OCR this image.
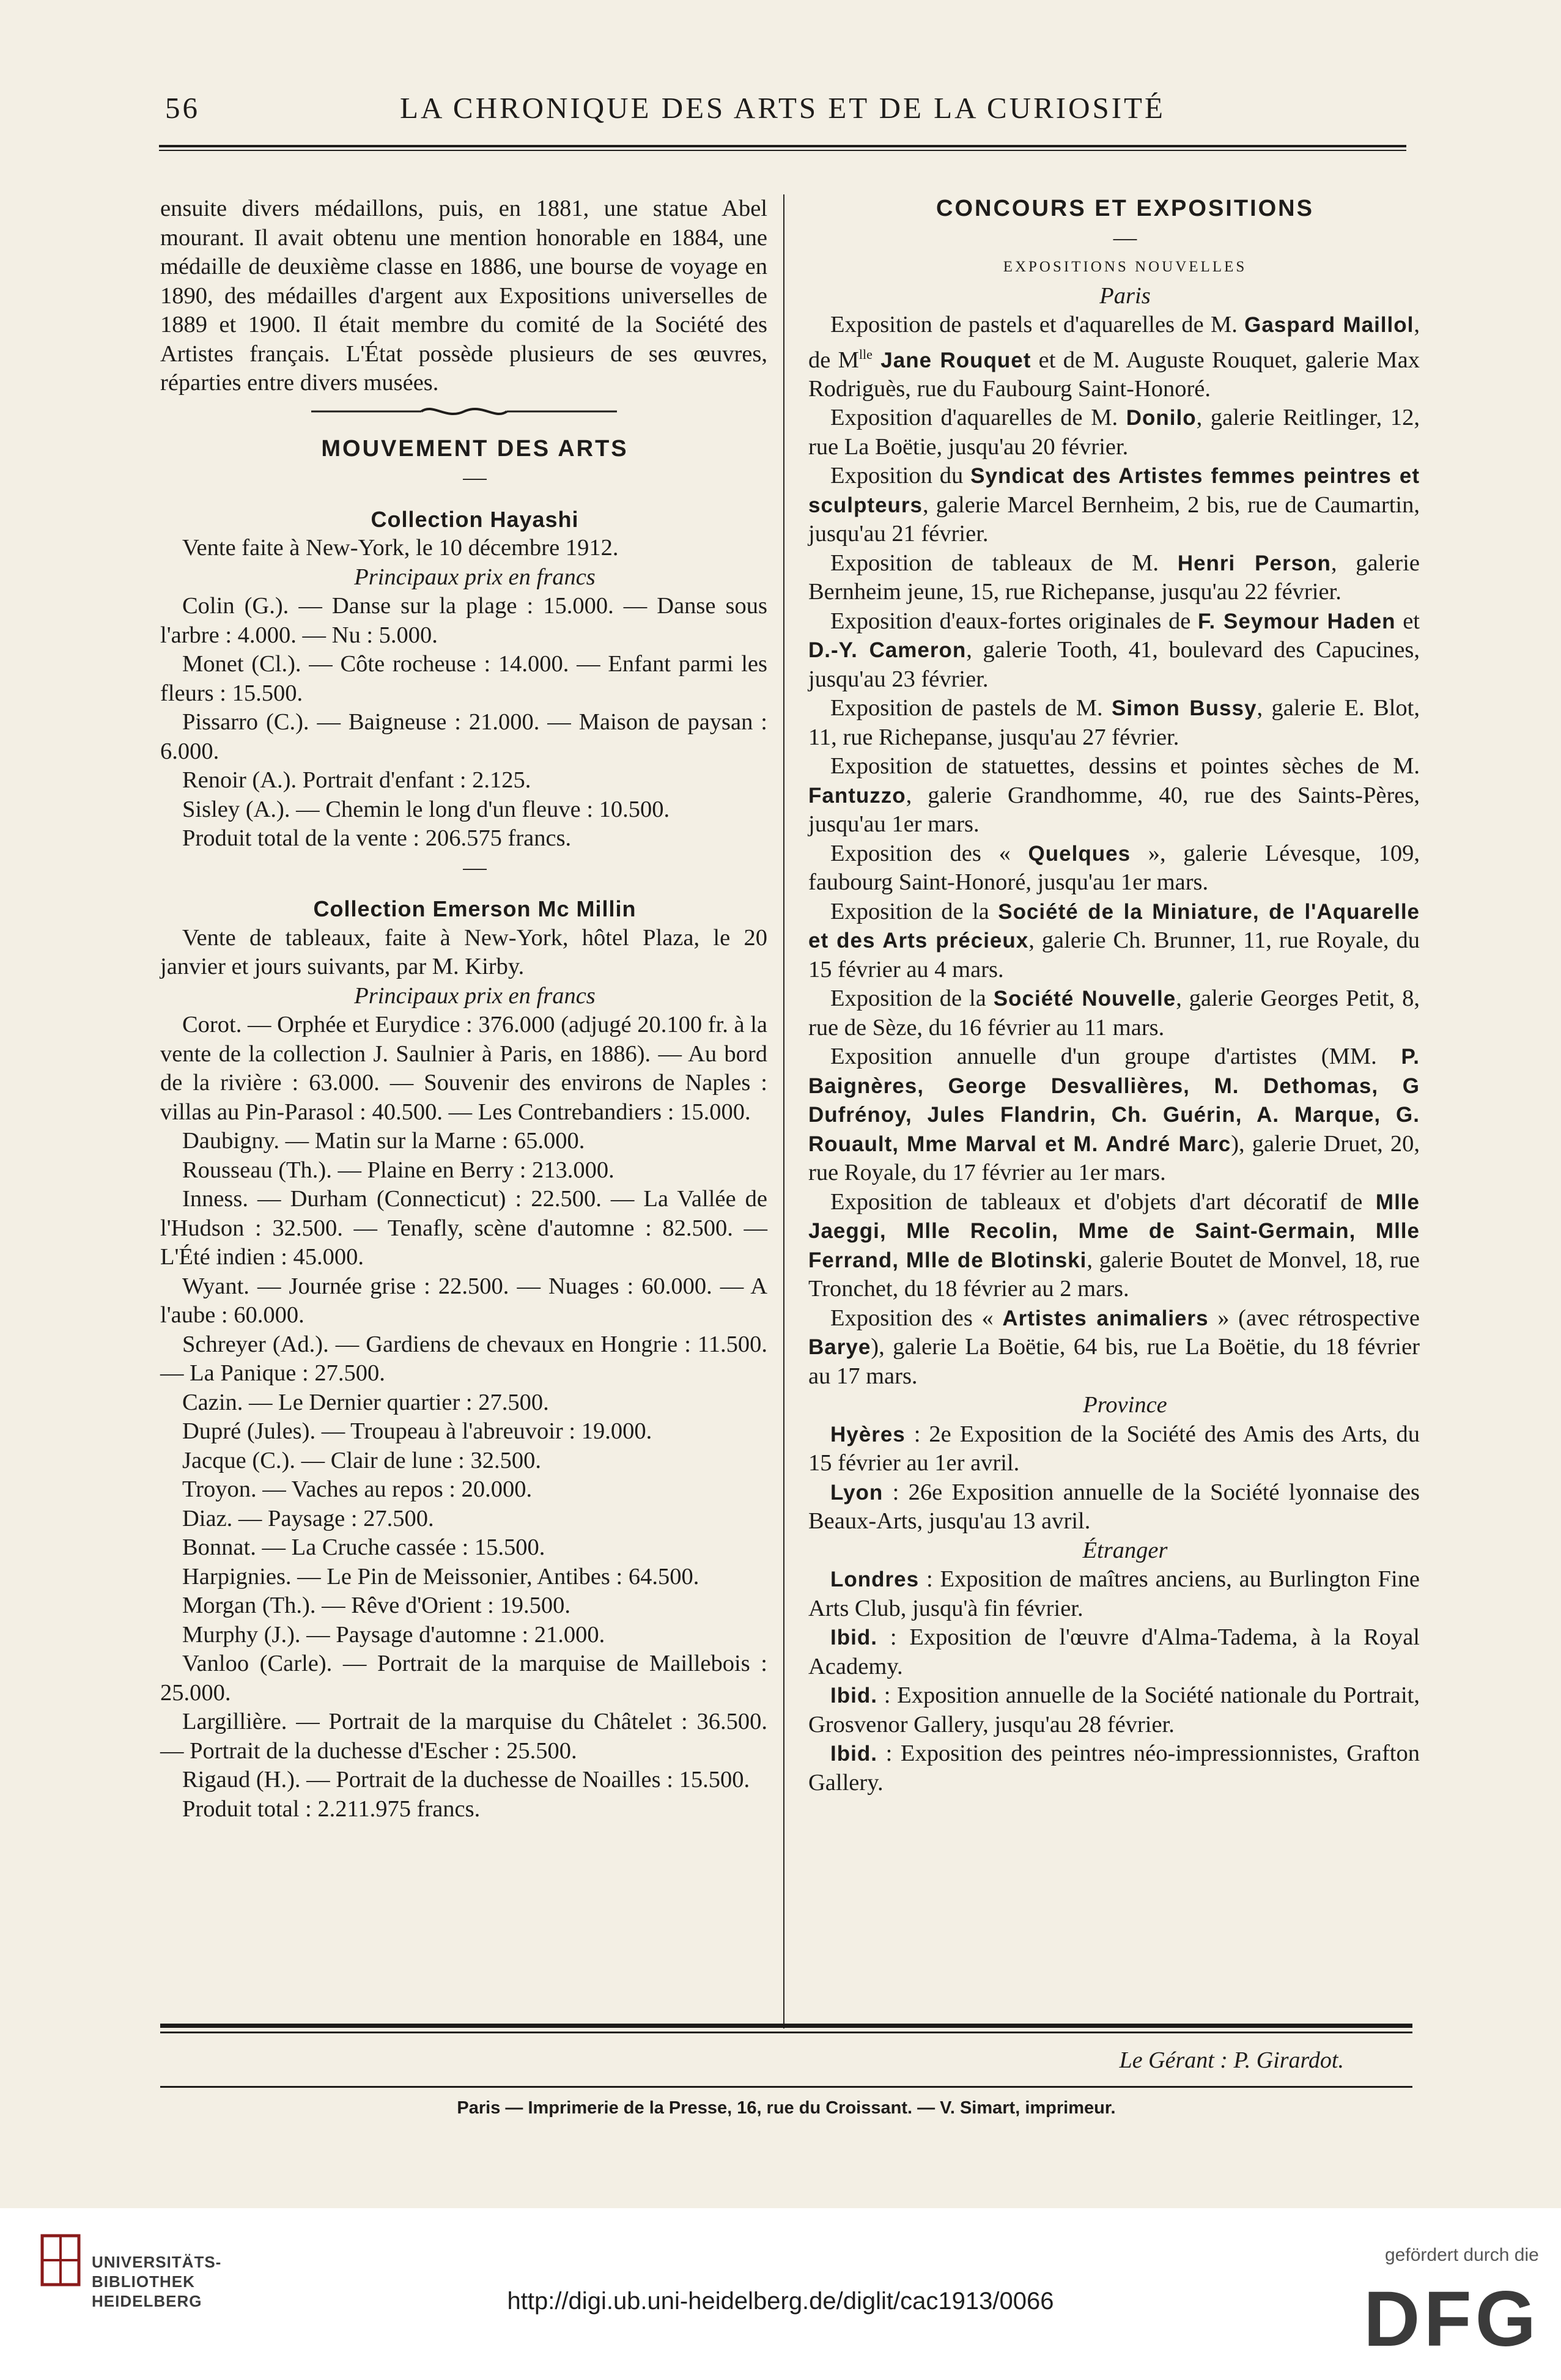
56	LA CHRONIQUE DES ARTS ET DE LA CURIOSITÉ

ensuite divers médaillons, puis, en 1881, une statue Abel mourant. Il avait obtenu une mention honorable en 1884, une médaille de deuxième classe en 1886, une bourse de voyage en 1890, des médailles d'argent aux Expositions universelles de 1889 et 1900. Il était membre du comité de la Société des Artistes français. L'État possède plusieurs de ses œuvres, réparties entre divers musées.

MOUVEMENT DES ARTS

—

Collection Hayashi

Vente faite à New-York, le 10 décembre 1912.

Principaux prix en francs

Colin (G.). — Danse sur la plage : 15.000. — Danse sous l'arbre : 4.000. — Nu : 5.000.

Monet (Cl.). — Côte rocheuse : 14.000. — Enfant parmi les fleurs : 15.500.

Pissarro (C.). — Baigneuse : 21.000. — Maison de paysan : 6.000.

Renoir (A.). Portrait d'enfant : 2.125.

Sisley (A.). — Chemin le long d'un fleuve : 10.500.

Produit total de la vente : 206.575 francs.

—

Collection Emerson Mc Millin

Vente de tableaux, faite à New-York, hôtel Plaza, le 20 janvier et jours suivants, par M. Kirby.

Principaux prix en francs

Corot. — Orphée et Eurydice : 376.000 (adjugé 20.100 fr. à la vente de la collection J. Saulnier à Paris, en 1886). — Au bord de la rivière : 63.000. — Souvenir des environs de Naples : villas au Pin-Parasol : 40.500. — Les Contrebandiers : 15.000.

Daubigny. — Matin sur la Marne : 65.000.

Rousseau (Th.). — Plaine en Berry : 213.000.

Inness. — Durham (Connecticut) : 22.500. — La Vallée de l'Hudson : 32.500. — Tenafly, scène d'automne : 82.500. — L'Été indien : 45.000.

Wyant. — Journée grise : 22.500. — Nuages : 60.000. — A l'aube : 60.000.

Schreyer (Ad.). — Gardiens de chevaux en Hongrie : 11.500. — La Panique : 27.500.

Cazin. — Le Dernier quartier : 27.500.

Dupré (Jules). — Troupeau à l'abreuvoir : 19.000.

Jacque (C.). — Clair de lune : 32.500.

Troyon. — Vaches au repos : 20.000.

Diaz. — Paysage : 27.500.

Bonnat. — La Cruche cassée : 15.500.

Harpignies. — Le Pin de Meissonier, Antibes : 64.500.

Morgan (Th.). — Rêve d'Orient : 19.500.

Murphy (J.). — Paysage d'automne : 21.000.

Vanloo (Carle). — Portrait de la marquise de Maillebois : 25.000.

Largillière. — Portrait de la marquise du Châtelet : 36.500. — Portrait de la duchesse d'Escher : 25.500.

Rigaud (H.). — Portrait de la duchesse de Noailles : 15.500.

Produit total : 2.211.975 francs.

CONCOURS ET EXPOSITIONS

—

EXPOSITIONS NOUVELLES

Paris

Exposition de pastels et d'aquarelles de M. Gaspard Maillol, de $M^{lle}$ Jane Rouquet et de M. Auguste Rouquet, galerie Max Rodriguès, rue du Faubourg Saint-Honoré.

Exposition d'aquarelles de M. Donilo, galerie Reitlinger, 12, rue La Boëtie, jusqu'au 20 février.

Exposition du Syndicat des Artistes femmes peintres et sculpteurs, galerie Marcel Bernheim, 2 bis, rue de Caumartin, jusqu'au 21 février.

Exposition de tableaux de M. Henri Person, galerie Bernheim jeune, 15, rue Richepanse, jusqu'au 22 février.

Exposition d'eaux-fortes originales de F. Seymour Haden et D.-Y. Cameron, galerie Tooth, 41, boulevard des Capucines, jusqu'au 23 février.

Exposition de pastels de M. Simon Bussy, galerie E. Blot, 11, rue Richepanse, jusqu'au 27 février.

Exposition de statuettes, dessins et pointes sèches de M. Fantuzzo, galerie Grandhomme, 40, rue des Saints-Pères, jusqu'au 1er mars.

Exposition des « Quelques », galerie Lévesque, 109, faubourg Saint-Honoré, jusqu'au 1er mars.

Exposition de la Société de la Miniature, de l'Aquarelle et des Arts précieux, galerie Ch. Brunner, 11, rue Royale, du 15 février au 4 mars.

Exposition de la Société Nouvelle, galerie Georges Petit, 8, rue de Sèze, du 16 février au 11 mars.

Exposition annuelle d'un groupe d'artistes (MM. P. Baignères, George Desvallières, M. Dethomas, G Dufrénoy, Jules Flandrin, Ch. Guérin, A. Marque, G. Rouault, Mme Marval et M. André Marc), galerie Druet, 20, rue Royale, du 17 février au 1er mars.

Exposition de tableaux et d'objets d'art décoratif de Mlle Jaeggi, Mlle Recolin, Mme de Saint-Germain, Mlle Ferrand, Mlle de Blotinski, galerie Boutet de Monvel, 18, rue Tronchet, du 18 février au 2 mars.

Exposition des « Artistes animaliers » (avec rétrospective Barye), galerie La Boëtie, 64 bis, rue La Boëtie, du 18 février au 17 mars.

Province

Hyères : 2e Exposition de la Société des Amis des Arts, du 15 février au 1er avril.

Lyon : 26e Exposition annuelle de la Société lyonnaise des Beaux-Arts, jusqu'au 13 avril.

Étranger

Londres : Exposition de maîtres anciens, au Burlington Fine Arts Club, jusqu'à fin février.

Ibid. : Exposition de l'œuvre d'Alma-Tadema, à la Royal Academy.

Ibid. : Exposition annuelle de la Société nationale du Portrait, Grosvenor Gallery, jusqu'au 28 février.

Ibid. : Exposition des peintres néo-impressionnistes, Grafton Gallery.

Le Gérant : P. Girardot.
Paris — Imprimerie de la Presse, 16, rue du Croissant. — V. Simart, imprimeur.
UNIVERSITÄTS-
BIBLIOTHEK
HEIDELBERG	http://digi.ub.uni-heidelberg.de/diglit/cac1913/0066
gefördert durch die
DFG
